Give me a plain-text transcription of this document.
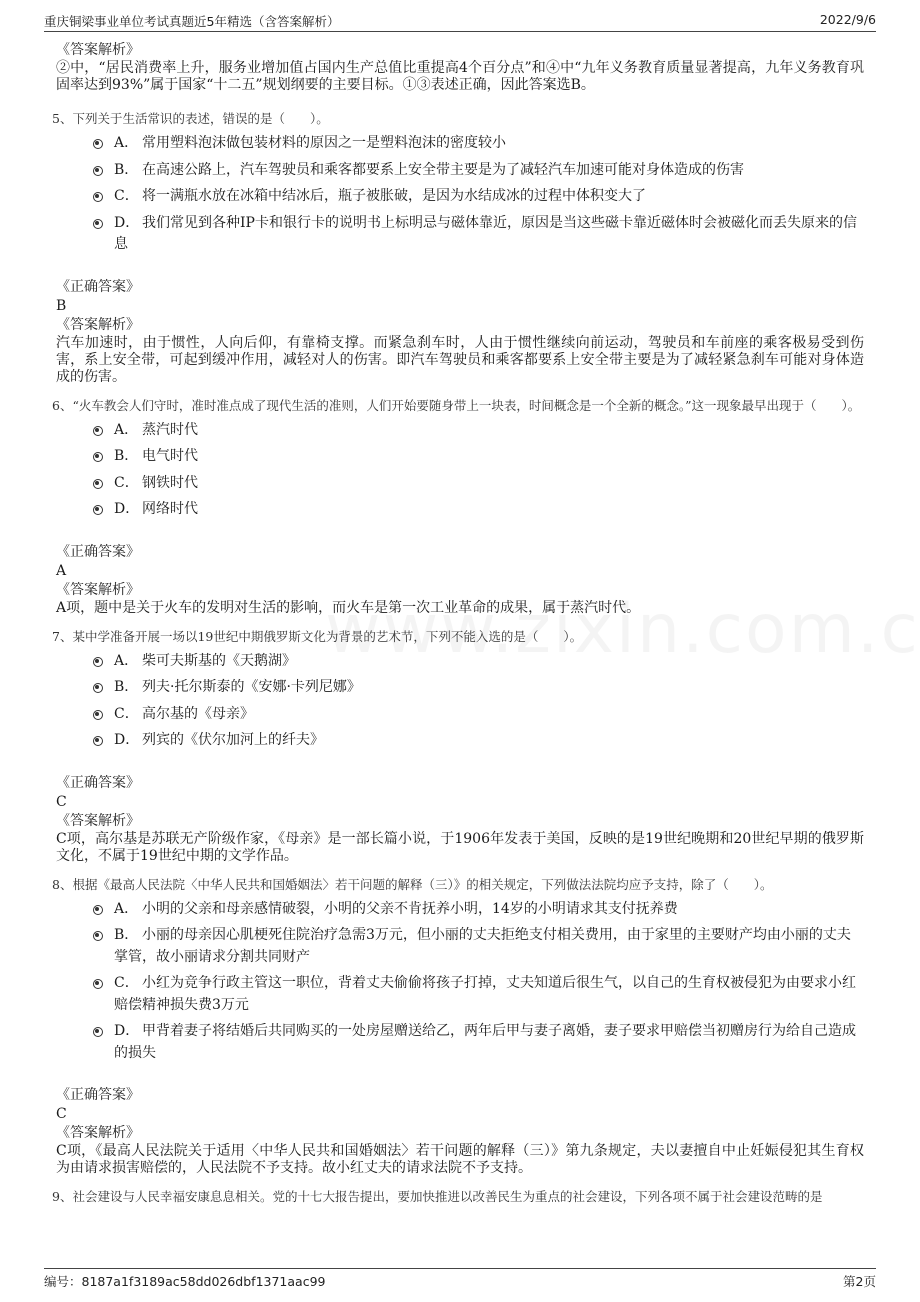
重庆铜梁事业单位考试真题近5年精选（含答案解析）	2022/9/6
《答案解析》
②中，“居民消费率上升，服务业增加值占国内生产总值比重提高4个百分点”和④中“九年义务教育质量显著提高，九年义务教育巩固率达到93%”属于国家“十二五”规划纲要的主要目标。①③表述正确，因此答案选B。
5、下列关于生活常识的表述，错误的是（　　）。
A． 常用塑料泡沫做包装材料的原因之一是塑料泡沫的密度较小
B． 在高速公路上，汽车驾驶员和乘客都要系上安全带主要是为了减轻汽车加速可能对身体造成的伤害
C． 将一满瓶水放在冰箱中结冰后，瓶子被胀破，是因为水结成冰的过程中体积变大了
D． 我们常见到各种IP卡和银行卡的说明书上标明忌与磁体靠近，原因是当这些磁卡靠近磁体时会被磁化而丢失原来的信息
《正确答案》
B
《答案解析》
汽车加速时，由于惯性，人向后仰，有靠椅支撑。而紧急刹车时，人由于惯性继续向前运动，驾驶员和车前座的乘客极易受到伤害，系上安全带，可起到缓冲作用，减轻对人的伤害。即汽车驾驶员和乘客都要系上安全带主要是为了减轻紧急刹车可能对身体造成的伤害。
6、“火车教会人们守时，准时准点成了现代生活的准则，人们开始要随身带上一块表，时间概念是一个全新的概念。”这一现象最早出现于（　　）。
A． 蒸汽时代
B． 电气时代
C． 钢铁时代
D． 网络时代
《正确答案》
A
《答案解析》
A项，题中是关于火车的发明对生活的影响，而火车是第一次工业革命的成果，属于蒸汽时代。
7、某中学准备开展一场以19世纪中期俄罗斯文化为背景的艺术节，下列不能入选的是（　　）。
A． 柴可夫斯基的《天鹅湖》
B． 列夫·托尔斯泰的《安娜·卡列尼娜》
C． 高尔基的《母亲》
D． 列宾的《伏尔加河上的纤夫》
《正确答案》
C
《答案解析》
C项，高尔基是苏联无产阶级作家，《母亲》是一部长篇小说，于1906年发表于美国，反映的是19世纪晚期和20世纪早期的俄罗斯文化，不属于19世纪中期的文学作品。
8、根据《最高人民法院〈中华人民共和国婚姻法〉若干问题的解释（三）》的相关规定，下列做法法院均应予支持，除了（　　）。
A． 小明的父亲和母亲感情破裂，小明的父亲不肯抚养小明，14岁的小明请求其支付抚养费
B． 小丽的母亲因心肌梗死住院治疗急需3万元，但小丽的丈夫拒绝支付相关费用，由于家里的主要财产均由小丽的丈夫掌管，故小丽请求分割共同财产
C． 小红为竞争行政主管这一职位，背着丈夫偷偷将孩子打掉，丈夫知道后很生气，以自己的生育权被侵犯为由要求小红赔偿精神损失费3万元
D． 甲背着妻子将结婚后共同购买的一处房屋赠送给乙，两年后甲与妻子离婚，妻子要求甲赔偿当初赠房行为给自己造成的损失
《正确答案》
C
《答案解析》
C项，《最高人民法院关于适用〈中华人民共和国婚姻法〉若干问题的解释（三）》第九条规定，夫以妻擅自中止妊娠侵犯其生育权为由请求损害赔偿的，人民法院不予支持。故小红丈夫的请求法院不予支持。
9、社会建设与人民幸福安康息息相关。党的十七大报告提出，要加快推进以改善民生为重点的社会建设，下列各项不属于社会建设范畴的是
编号：8187a1f3189ac58dd026dbf1371aac99	第2页
